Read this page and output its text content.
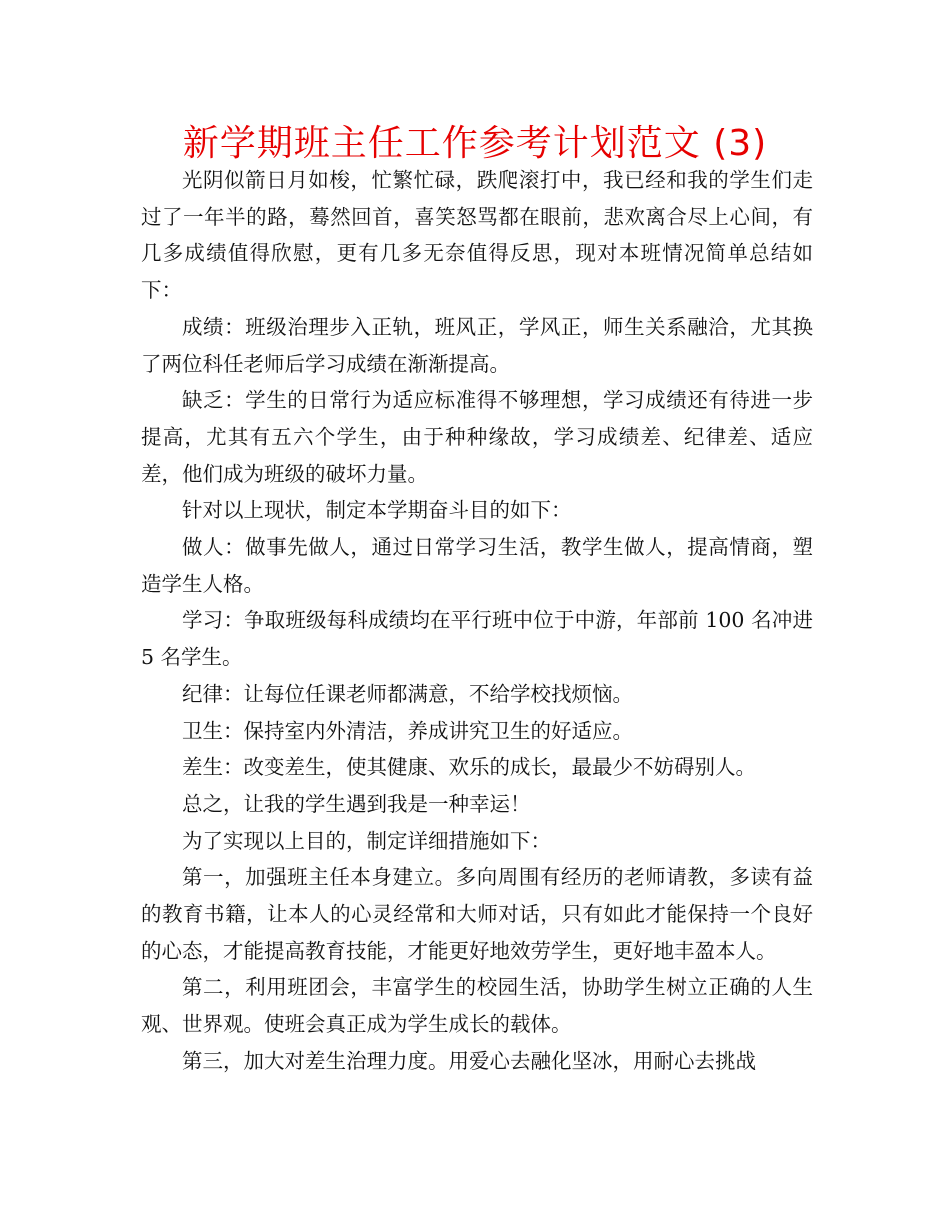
新学期班主任工作参考计划范文 (3)

光阴似箭日月如梭，忙繁忙碌，跌爬滚打中，我已经和我的学生们走过了一年半的路，蓦然回首，喜笑怒骂都在眼前，悲欢离合尽上心间，有几多成绩值得欣慰，更有几多无奈值得反思，现对本班情况简单总结如下：

成绩：班级治理步入正轨，班风正，学风正，师生关系融洽，尤其换了两位科任老师后学习成绩在渐渐提高。

缺乏：学生的日常行为适应标准得不够理想，学习成绩还有待进一步提高，尤其有五六个学生，由于种种缘故，学习成绩差、纪律差、适应差，他们成为班级的破坏力量。

针对以上现状，制定本学期奋斗目的如下：

做人：做事先做人，通过日常学习生活，教学生做人，提高情商，塑造学生人格。

学习：争取班级每科成绩均在平行班中位于中游，年部前 100 名冲进 5 名学生。

纪律：让每位任课老师都满意，不给学校找烦恼。

卫生：保持室内外清洁，养成讲究卫生的好适应。

差生：改变差生，使其健康、欢乐的成长，最最少不妨碍别人。

总之，让我的学生遇到我是一种幸运！

为了实现以上目的，制定详细措施如下：

第一，加强班主任本身建立。多向周围有经历的老师请教，多读有益的教育书籍，让本人的心灵经常和大师对话，只有如此才能保持一个良好的心态，才能提高教育技能，才能更好地效劳学生，更好地丰盈本人。

第二，利用班团会，丰富学生的校园生活，协助学生树立正确的人生观、世界观。使班会真正成为学生成长的载体。

第三，加大对差生治理力度。用爱心去融化坚冰，用耐心去挑战
